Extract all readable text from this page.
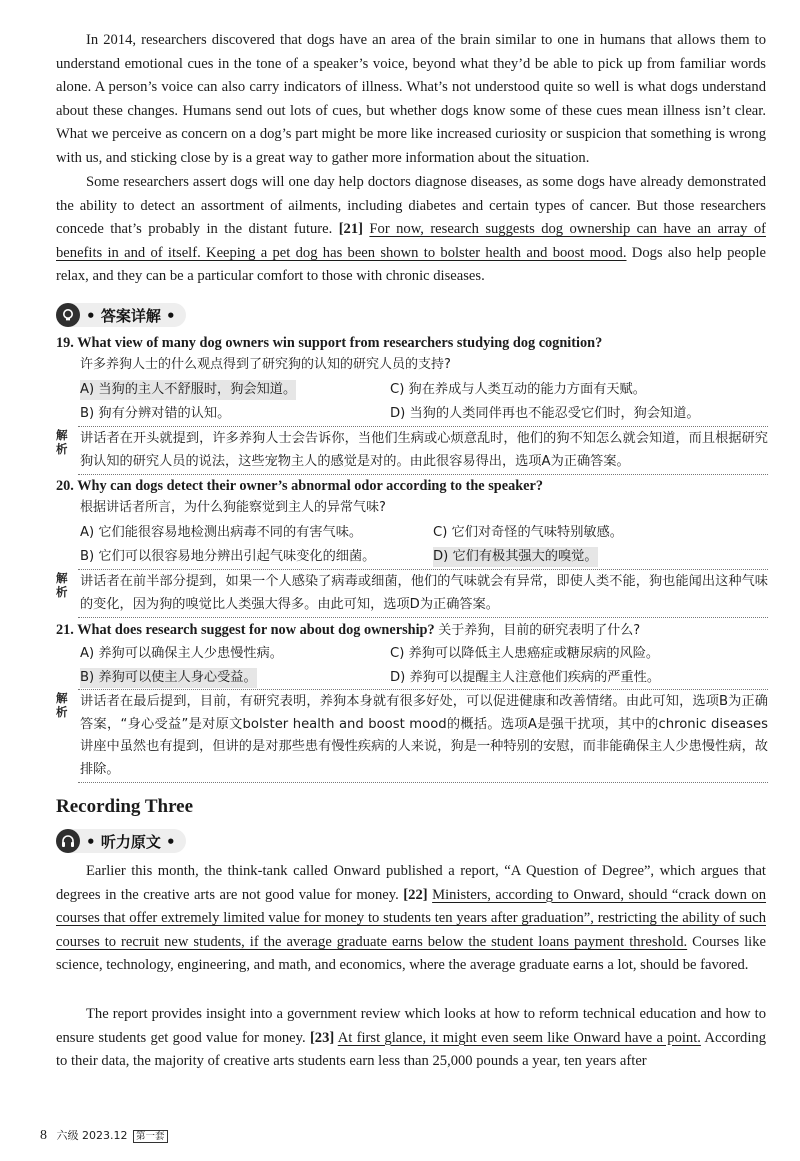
In 2014, researchers discovered that dogs have an area of the brain similar to one in humans that allows them to understand emotional cues in the tone of a speaker’s voice, beyond what they’d be able to pick up from familiar words alone. A person’s voice can also carry indicators of illness. What’s not understood quite so well is what dogs understand about these changes. Humans send out lots of cues, but whether dogs know some of these cues mean illness isn’t clear. What we perceive as concern on a dog’s part might be more like increased curiosity or suspicion that something is wrong with us, and sticking close by is a great way to gather more information about the situation.

Some researchers assert dogs will one day help doctors diagnose diseases, as some dogs have already demonstrated the ability to detect an assortment of ailments, including diabetes and certain types of cancer. But those researchers concede that’s probably in the distant future. [21] For now, research suggests dog ownership can have an array of benefits in and of itself. Keeping a pet dog has been shown to bolster health and boost mood. Dogs also help people relax, and they can be a particular comfort to those with chronic diseases.

• 答案详解 •
19. What view of many dog owners win support from researchers studying dog cognition?
许多养狗人士的什么观点得到了研究狗的认知的研究人员的支持?
A) 当狗的主人不舒服时，狗会知道。	C) 狗在养成与人类互动的能力方面有天赋。
B) 狗有分辨对错的认知。	D) 当狗的人类同伴再也不能忍受它们时，狗会知道。
解析

讲话者在开头就提到，许多养狗人士会告诉你，当他们生病或心烦意乱时，他们的狗不知怎么就会知道，而且根据研究狗认知的研究人员的说法，这些宠物主人的感觉是对的。由此很容易得出，选项A为正确答案。

20. Why can dogs detect their owner’s abnormal odor according to the speaker?
根据讲话者所言，为什么狗能察觉到主人的异常气味?
A) 它们能很容易地检测出病毒不同的有害气味。	C) 它们对奇怪的气味特别敏感。
B) 它们可以很容易地分辨出引起气味变化的细菌。	D) 它们有极其强大的嗅觉。
解析

讲话者在前半部分提到，如果一个人感染了病毒或细菌，他们的气味就会有异常，即使人类不能，狗也能闻出这种气味的变化，因为狗的嗅觉比人类强大得多。由此可知，选项D为正确答案。

21. What does research suggest for now about dog ownership? 关于养狗，目前的研究表明了什么?
A) 养狗可以确保主人少患慢性病。	C) 养狗可以降低主人患癌症或糖尿病的风险。
B) 养狗可以使主人身心受益。	D) 养狗可以提醒主人注意他们疾病的严重性。
解析

讲话者在最后提到，目前，有研究表明，养狗本身就有很多好处，可以促进健康和改善情绪。由此可知，选项B为正确答案，“身心受益”是对原文bolster health and boost mood的概括。选项A是强干扰项，其中的chronic diseases讲座中虽然也有提到，但讲的是对那些患有慢性疾病的人来说，狗是一种特别的安慰，而非能确保主人少患慢性病，故排除。

Recording Three
• 听力原文 •

Earlier this month, the think-tank called Onward published a report, “A Question of Degree”, which argues that degrees in the creative arts are not good value for money. [22] Ministers, according to Onward, should “crack down on courses that offer extremely limited value for money to students ten years after graduation”, restricting the ability of such courses to recruit new students, if the average graduate earns below the student loans payment threshold. Courses like science, technology, engineering, and math, and economics, where the average graduate earns a lot, should be favored.

The report provides insight into a government review which looks at how to reform technical education and how to ensure students get good value for money. [23] At first glance, it might even seem like Onward have a point. According to their data, the majority of creative arts students earn less than 25,000 pounds a year, ten years after

8 六级 2023.12 第一套
